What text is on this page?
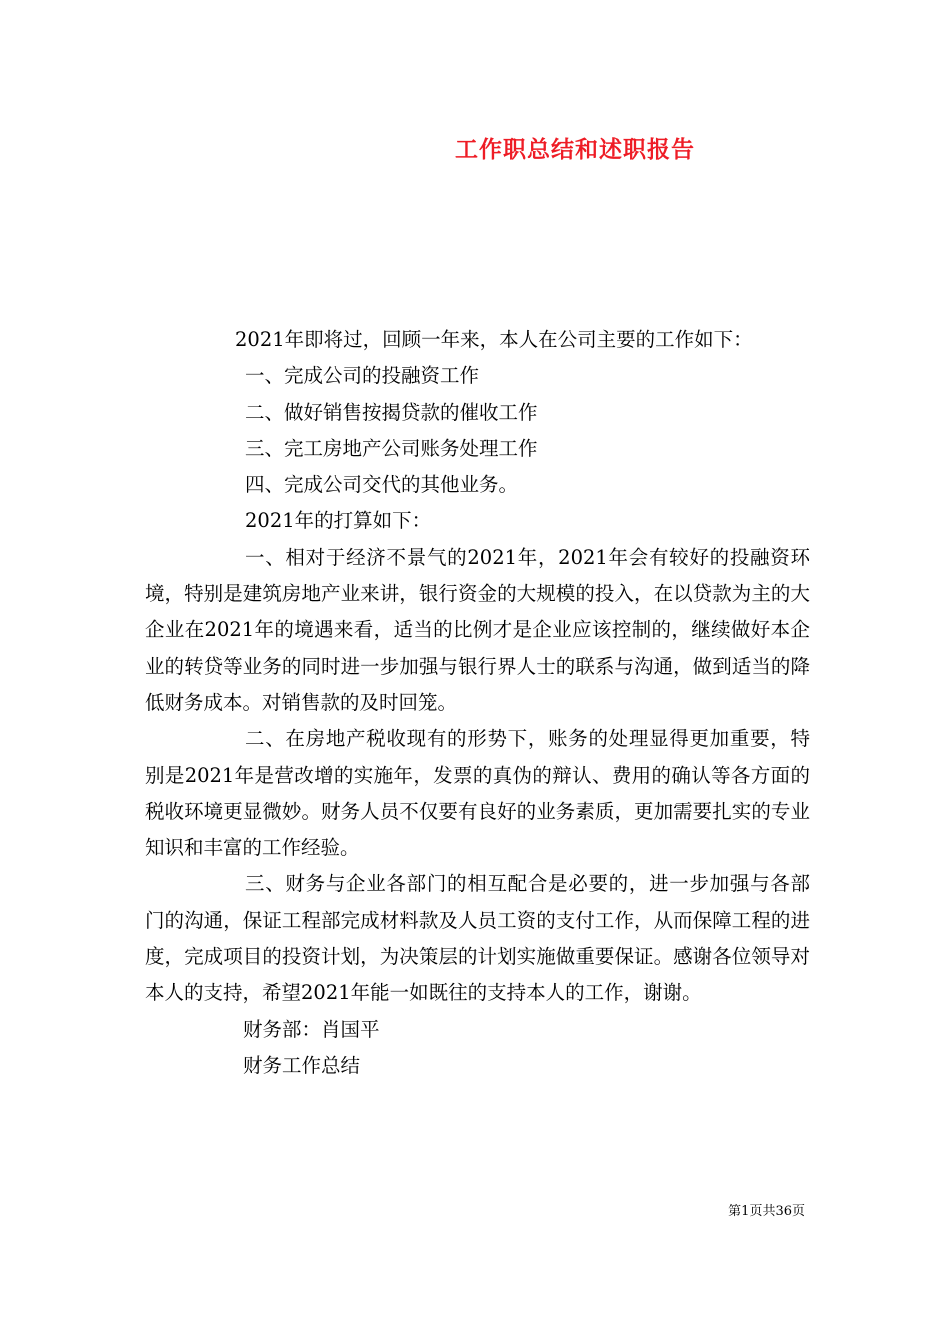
工作职总结和述职报告
2021年即将过，回顾一年来，本人在公司主要的工作如下：
一、完成公司的投融资工作
二、做好销售按揭贷款的催收工作
三、完工房地产公司账务处理工作
四、完成公司交代的其他业务。
2021年的打算如下：
一、相对于经济不景气的2021年，2021年会有较好的投融资环境，特别是建筑房地产业来讲，银行资金的大规模的投入，在以贷款为主的大企业在2021年的境遇来看，适当的比例才是企业应该控制的，继续做好本企业的转贷等业务的同时进一步加强与银行界人士的联系与沟通，做到适当的降低财务成本。对销售款的及时回笼。
二、在房地产税收现有的形势下，账务的处理显得更加重要，特别是2021年是营改增的实施年，发票的真伪的辩认、费用的确认等各方面的税收环境更显微妙。财务人员不仅要有良好的业务素质，更加需要扎实的专业知识和丰富的工作经验。
三、财务与企业各部门的相互配合是必要的，进一步加强与各部门的沟通，保证工程部完成材料款及人员工资的支付工作，从而保障工程的进度，完成项目的投资计划，为决策层的计划实施做重要保证。感谢各位领导对本人的支持，希望2021年能一如既往的支持本人的工作，谢谢。
财务部：肖国平
财务工作总结
第1页共36页
